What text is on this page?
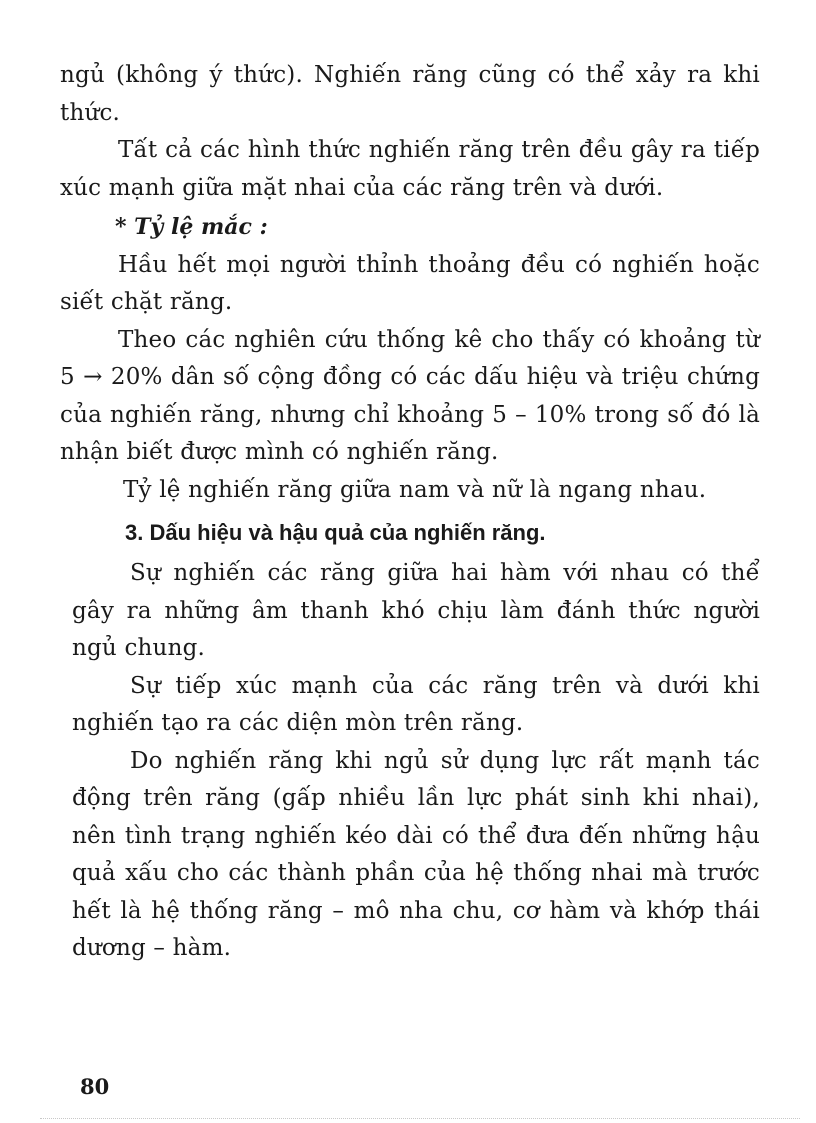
ngủ (không ý thức). Nghiến răng cũng có thể xảy ra khi thức.

Tất cả các hình thức nghiến răng trên đều gây ra tiếp xúc mạnh giữa mặt nhai của các răng trên và dưới.

* Tỷ lệ mắc :

Hầu hết mọi người thỉnh thoảng đều có nghiến hoặc siết chặt răng.

Theo các nghiên cứu thống kê cho thấy có khoảng từ 5 → 20% dân số cộng đồng có các dấu hiệu và triệu chứng của nghiến răng, nhưng chỉ khoảng 5 – 10% trong số đó là nhận biết được mình có nghiến răng.

Tỷ lệ nghiến răng giữa nam và nữ là ngang nhau.

3. Dấu hiệu và hậu quả của nghiến răng.

Sự nghiến các răng giữa hai hàm với nhau có thể gây ra những âm thanh khó chịu làm đánh thức người ngủ chung.

Sự tiếp xúc mạnh của các răng trên và dưới khi nghiến tạo ra các diện mòn trên răng.

Do nghiến răng khi ngủ sử dụng lực rất mạnh tác động trên răng (gấp nhiều lần lực phát sinh khi nhai), nên tình trạng nghiến kéo dài có thể đưa đến những hậu quả xấu cho các thành phần của hệ thống nhai mà trước hết là hệ thống răng – mô nha chu, cơ hàm và khớp thái dương – hàm.

80
